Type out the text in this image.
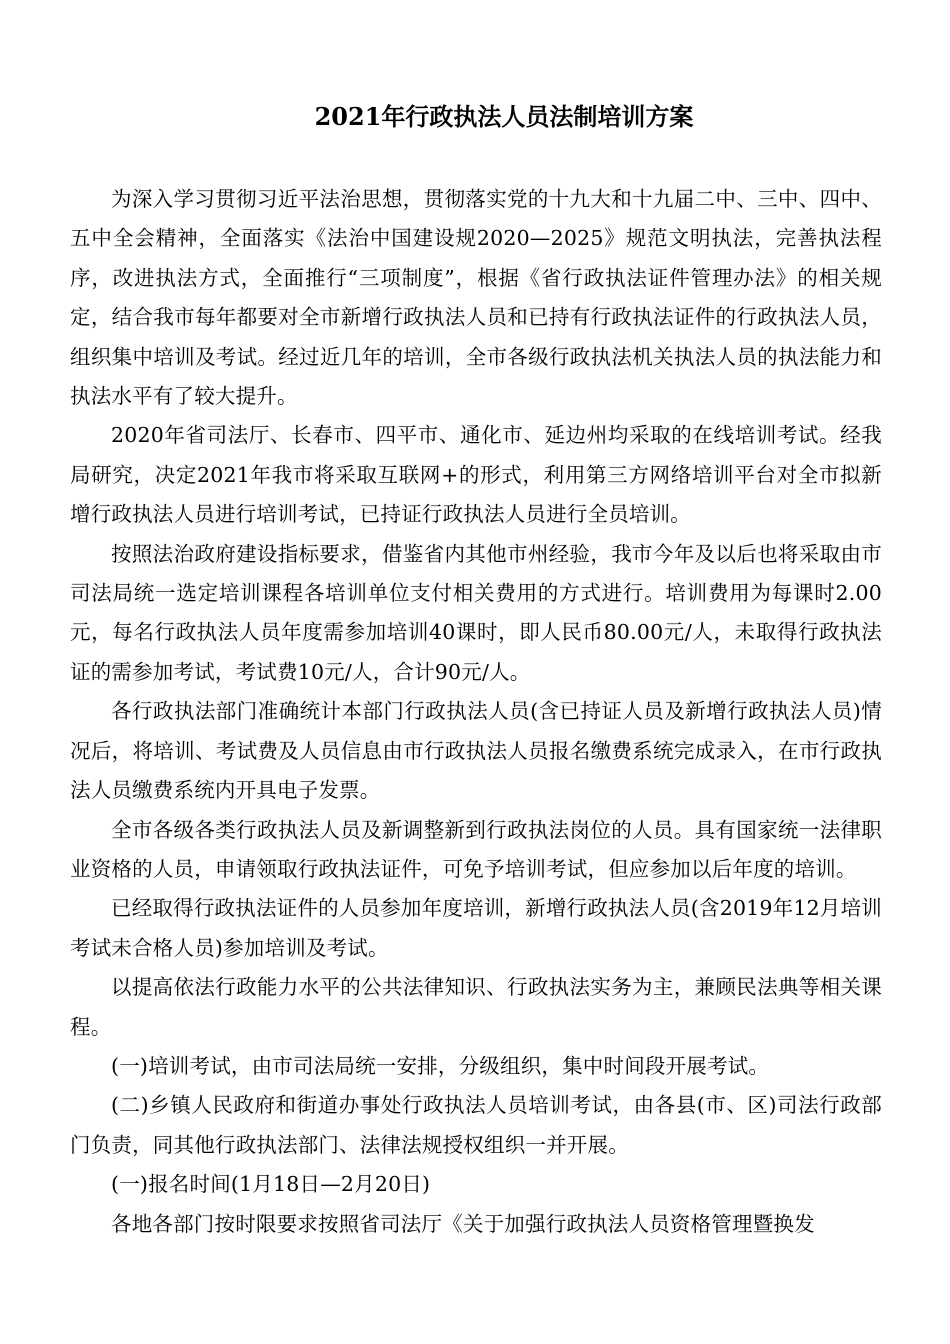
2021年行政执法人员法制培训方案

为深入学习贯彻习近平法治思想，贯彻落实党的十九大和十九届二中、三中、四中、五中全会精神，全面落实《法治中国建设规2020—2025》规范文明执法，完善执法程序，改进执法方式，全面推行“三项制度”，根据《省行政执法证件管理办法》的相关规定，结合我市每年都要对全市新增行政执法人员和已持有行政执法证件的行政执法人员，组织集中培训及考试。经过近几年的培训，全市各级行政执法机关执法人员的执法能力和执法水平有了较大提升。

2020年省司法厅、长春市、四平市、通化市、延边州均采取的在线培训考试。经我局研究，决定2021年我市将采取互联网+的形式，利用第三方网络培训平台对全市拟新增行政执法人员进行培训考试，已持证行政执法人员进行全员培训。

按照法治政府建设指标要求，借鉴省内其他市州经验，我市今年及以后也将采取由市司法局统一选定培训课程各培训单位支付相关费用的方式进行。培训费用为每课时2.00元，每名行政执法人员年度需参加培训40课时，即人民币80.00元/人，未取得行政执法证的需参加考试，考试费10元/人，合计90元/人。

各行政执法部门准确统计本部门行政执法人员(含已持证人员及新增行政执法人员)情况后，将培训、考试费及人员信息由市行政执法人员报名缴费系统完成录入，在市行政执法人员缴费系统内开具电子发票。

全市各级各类行政执法人员及新调整新到行政执法岗位的人员。具有国家统一法律职业资格的人员，申请领取行政执法证件，可免予培训考试，但应参加以后年度的培训。

已经取得行政执法证件的人员参加年度培训，新增行政执法人员(含2019年12月培训考试未合格人员)参加培训及考试。

以提高依法行政能力水平的公共法律知识、行政执法实务为主，兼顾民法典等相关课程。

(一)培训考试，由市司法局统一安排，分级组织，集中时间段开展考试。

(二)乡镇人民政府和街道办事处行政执法人员培训考试，由各县(市、区)司法行政部门负责，同其他行政执法部门、法律法规授权组织一并开展。

(一)报名时间(1月18日—2月20日)

各地各部门按时限要求按照省司法厅《关于加强行政执法人员资格管理暨换发
